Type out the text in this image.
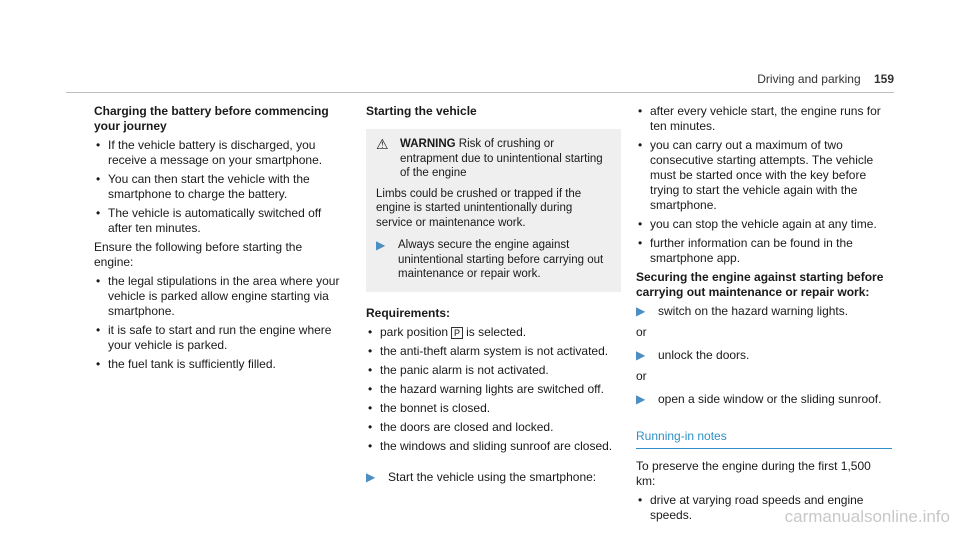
Driving and parking 159

Charging the battery before commencing your journey

• If the vehicle battery is discharged, you receive a message on your smartphone.
• You can then start the vehicle with the smartphone to charge the battery.
• The vehicle is automatically switched off after ten minutes.

Ensure the following before starting the engine:

• the legal stipulations in the area where your vehicle is parked allow engine starting via smartphone.
• it is safe to start and run the engine where your vehicle is parked.
• the fuel tank is sufficiently filled.

Starting the vehicle

⚠ WARNING Risk of crushing or entrapment due to unintentional starting of the engine
Limbs could be crushed or trapped if the engine is started unintentionally during service or maintenance work.
▶	Always secure the engine against unintentional starting before carrying out maintenance or repair work.

Requirements:

• park position P is selected.
• the anti-theft alarm system is not activated.
• the panic alarm is not activated.
• the hazard warning lights are switched off.
• the bonnet is closed.
• the doors are closed and locked.
• the windows and sliding sunroof are closed.
▶	Start the vehicle using the smartphone:
• after every vehicle start, the engine runs for ten minutes.
• you can carry out a maximum of two consecutive starting attempts. The vehicle must be started once with the key before trying to start the vehicle again with the smartphone.
• you can stop the vehicle again at any time.
• further information can be found in the smartphone app.

Securing the engine against starting before carrying out maintenance or repair work:

▶	switch on the hazard warning lights.

or

▶	unlock the doors.

or

▶	open a side window or the sliding sunroof.
Running-in notes

To preserve the engine during the first 1,500 km:

• drive at varying road speeds and engine speeds.	carmanualsonline.info
